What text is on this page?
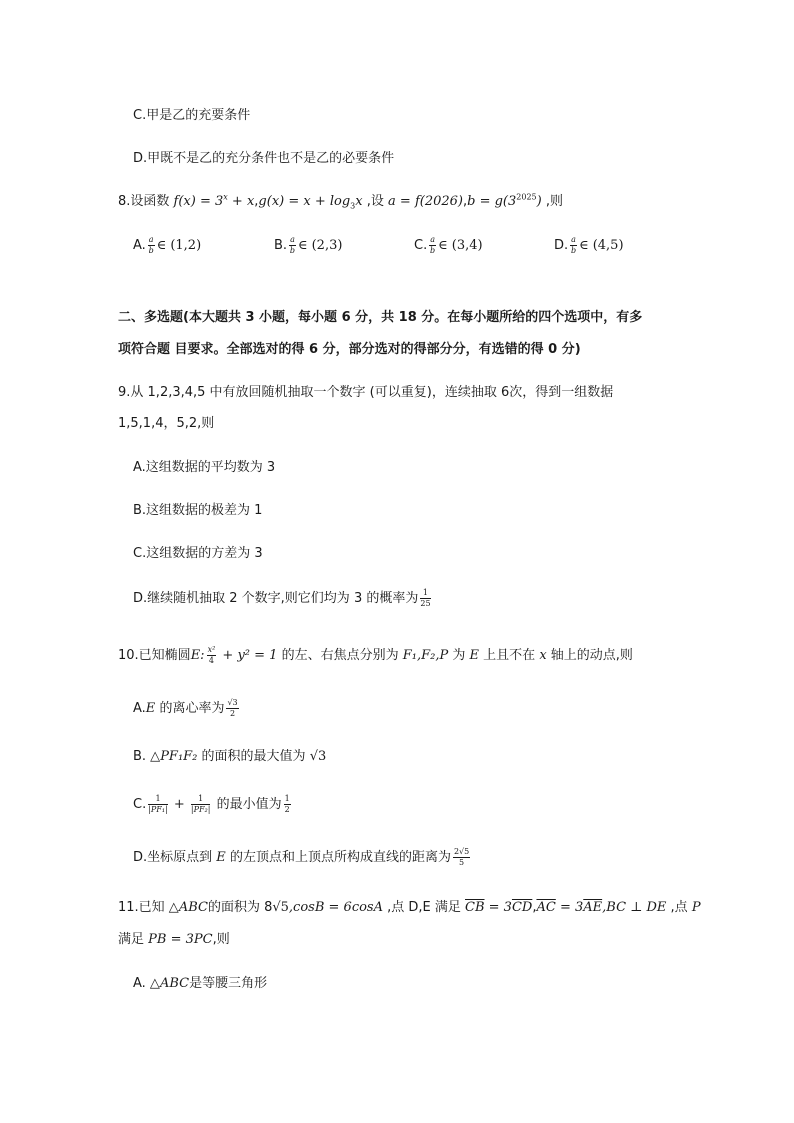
C.甲是乙的充要条件
D.甲既不是乙的充分条件也不是乙的必要条件
8.设函数 $f(x) = 3^x + x,g(x) = x + \log_3x$ ,设 $a = f(2026),b = g(3^{2025})$ ,则
A. $\frac{a}{b}$ ∈ (1,2)	B. $\frac{a}{b}$ ∈ (2,3)	C. $\frac{a}{b}$ ∈ (3,4)	D. $\frac{a}{b}$ ∈ (4,5)
二、多选题(本大题共 3 小题，每小题 6 分，共 18 分。在每小题所给的四个选项中，有多
项符合题 目要求。全部选对的得 6 分，部分选对的得部分分，有选错的得 0 分)
9.从 1,2,3,4,5 中有放回随机抽取一个数字 (可以重复)，连续抽取 6次，得到一组数据
1,5,1,4，5,2,则
A.这组数据的平均数为 3
B.这组数据的极差为 1
C.这组数据的方差为 3
D.继续随机抽取 2 个数字,则它们均为 3 的概率为 $\frac{1}{25}$
10.已知椭圆E: $\frac{\text{x²}}{4} + y^2 = 1$ 的左、右焦点分别为 F₁,F₂,P 为 E 上且不在 x 轴上的动点,则
A.E 的离心率为 $\frac{√3}{2}$
B. △PF₁F₂ 的面积的最大值为 √3
C. $\frac{1}{\text{|PF₁|}} + \frac{1}{\text{|PF₂|}}$ 的最小值为 $\frac{1}{2}$
D.坐标原点到 E 的左顶点和上顶点所构成直线的距离为 $\frac{2√5}{5}$
11.已知 △ABC的面积为 8√5,cosB = 6cosA ,点 D,E 满足 $\overline{CB} = 3\overline{CD},\overline{AC} = 3\overline{AE},BC$ ⊥ DE ,点 P
满足 PB = 3PC,则
A. △ABC是等腰三角形
